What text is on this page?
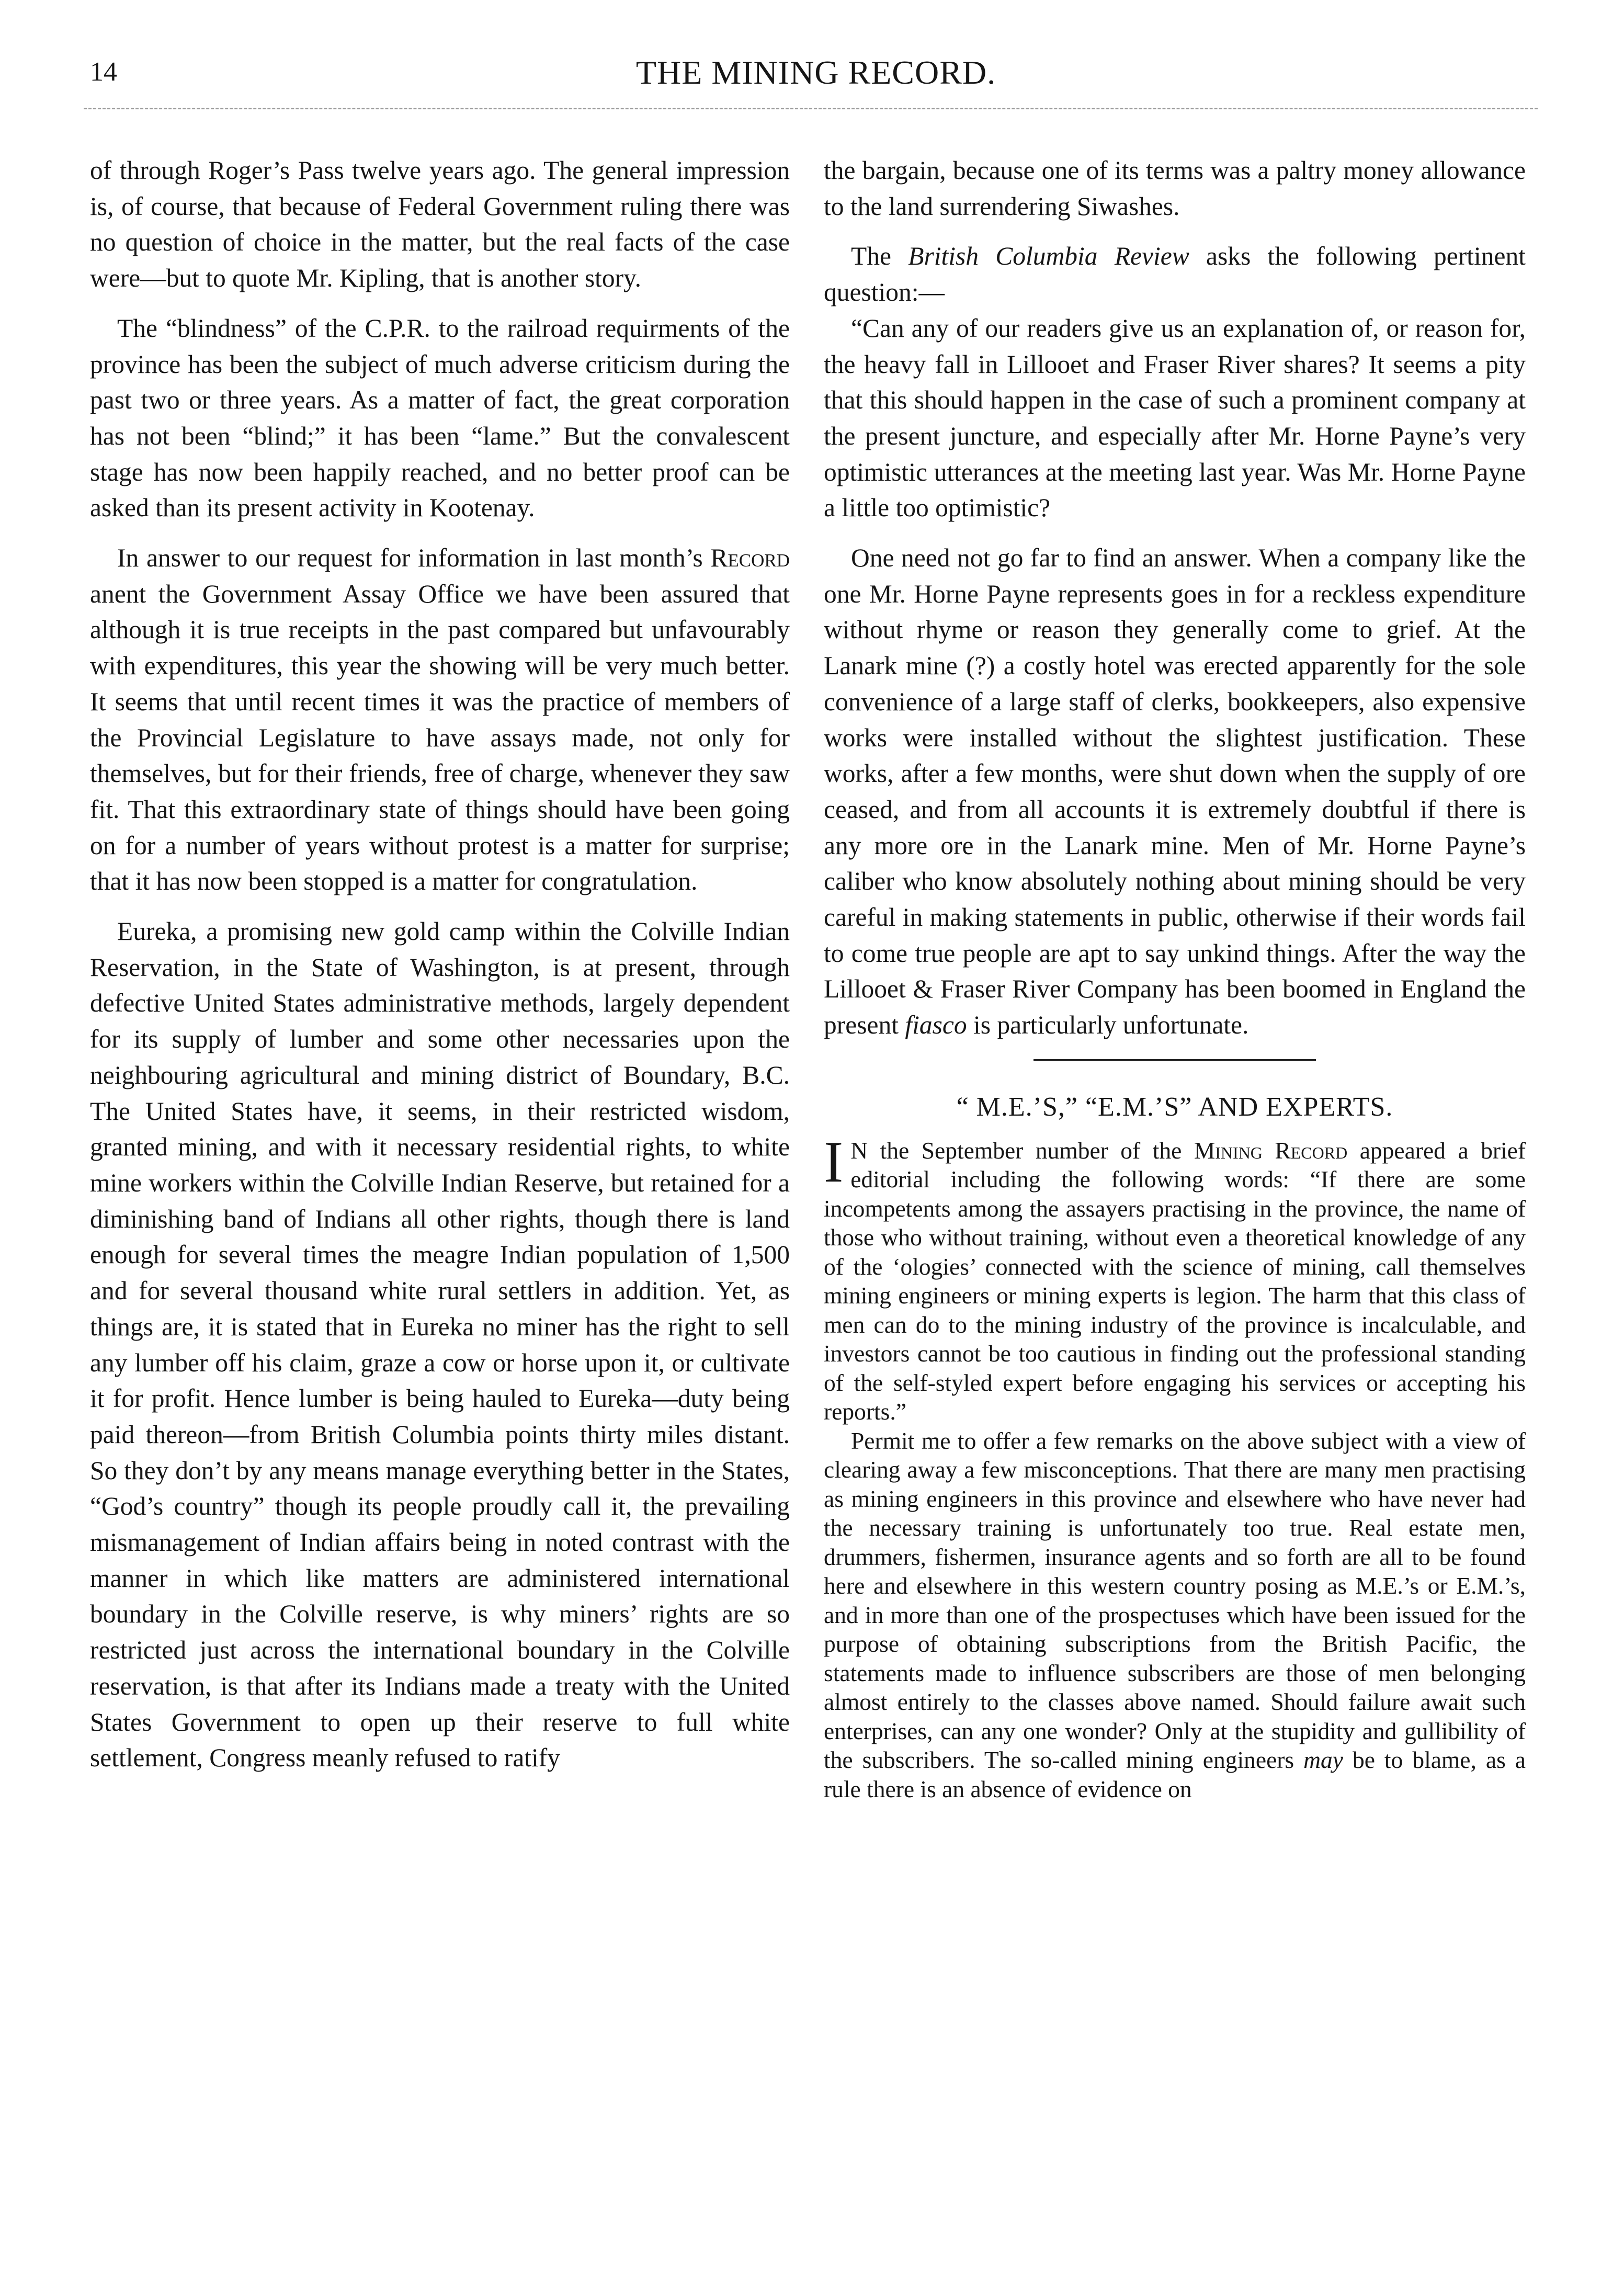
14	THE MINING RECORD.

of through Roger’s Pass twelve years ago. The general impression is, of course, that because of Federal Government ruling there was no question of choice in the matter, but the real facts of the case were—but to quote Mr. Kipling, that is another story.

The “blindness” of the C.P.R. to the railroad requirments of the province has been the subject of much adverse criticism during the past two or three years. As a matter of fact, the great corporation has not been “blind;” it has been “lame.” But the convalescent stage has now been happily reached, and no better proof can be asked than its present activity in Kootenay.

In answer to our request for information in last month’s Record anent the Government Assay Office we have been assured that although it is true receipts in the past compared but unfavourably with expenditures, this year the showing will be very much better. It seems that until recent times it was the practice of members of the Provincial Legislature to have assays made, not only for themselves, but for their friends, free of charge, whenever they saw fit. That this extraordinary state of things should have been going on for a number of years without protest is a matter for surprise; that it has now been stopped is a matter for congratulation.

Eureka, a promising new gold camp within the Colville Indian Reservation, in the State of Washington, is at present, through defective United States administrative methods, largely dependent for its supply of lumber and some other necessaries upon the neighbouring agricultural and mining district of Boundary, B.C. The United States have, it seems, in their restricted wisdom, granted mining, and with it necessary residential rights, to white mine workers within the Colville Indian Reserve, but retained for a diminishing band of Indians all other rights, though there is land enough for several times the meagre Indian population of 1,500 and for several thousand white rural settlers in addition. Yet, as things are, it is stated that in Eureka no miner has the right to sell any lumber off his claim, graze a cow or horse upon it, or cultivate it for profit. Hence lumber is being hauled to Eureka—duty being paid thereon—from British Columbia points thirty miles distant. So they don’t by any means manage everything better in the States, “God’s country” though its people proudly call it, the prevailing mismanagement of Indian affairs being in noted contrast with the manner in which like matters are administered international boundary in the Colville reserve, is why miners’ rights are so restricted just across the international boundary in the Colville reservation, is that after its Indians made a treaty with the United States Government to open up their reserve to full white settlement, Congress meanly refused to ratify

the bargain, because one of its terms was a paltry money allowance to the land surrendering Siwashes.

The British Columbia Review asks the following pertinent question:—

“Can any of our readers give us an explanation of, or reason for, the heavy fall in Lillooet and Fraser River shares? It seems a pity that this should happen in the case of such a prominent company at the present juncture, and especially after Mr. Horne Payne’s very optimistic utterances at the meeting last year. Was Mr. Horne Payne a little too optimistic?

One need not go far to find an answer. When a company like the one Mr. Horne Payne represents goes in for a reckless expenditure without rhyme or reason they generally come to grief. At the Lanark mine (?) a costly hotel was erected apparently for the sole convenience of a large staff of clerks, bookkeepers, also expensive works were installed without the slightest justification. These works, after a few months, were shut down when the supply of ore ceased, and from all accounts it is extremely doubtful if there is any more ore in the Lanark mine. Men of Mr. Horne Payne’s caliber who know absolutely nothing about mining should be very careful in making statements in public, otherwise if their words fail to come true people are apt to say unkind things. After the way the Lillooet & Fraser River Company has been boomed in England the present fiasco is particularly unfortunate.

“ M.E.’S,” “E.M.’S” AND EXPERTS.

I N the September number of the Mining Record appeared a brief editorial including the following words: “If there are some incompetents among the assayers practising in the province, the name of those who without training, without even a theoretical knowledge of any of the ‘ologies’ connected with the science of mining, call themselves mining engineers or mining experts is legion. The harm that this class of men can do to the mining industry of the province is incalculable, and investors cannot be too cautious in finding out the professional standing of the self-styled expert before engaging his services or accepting his reports.”

Permit me to offer a few remarks on the above subject with a view of clearing away a few misconceptions. That there are many men practising as mining engineers in this province and elsewhere who have never had the necessary training is unfortunately too true. Real estate men, drummers, fishermen, insurance agents and so forth are all to be found here and elsewhere in this western country posing as M.E.’s or E.M.’s, and in more than one of the prospectuses which have been issued for the purpose of obtaining subscriptions from the British Pacific, the statements made to influence subscribers are those of men belonging almost entirely to the classes above named. Should failure await such enterprises, can any one wonder? Only at the stupidity and gullibility of the subscribers. The so-called mining engineers may be to blame, as a rule there is an absence of evidence on
